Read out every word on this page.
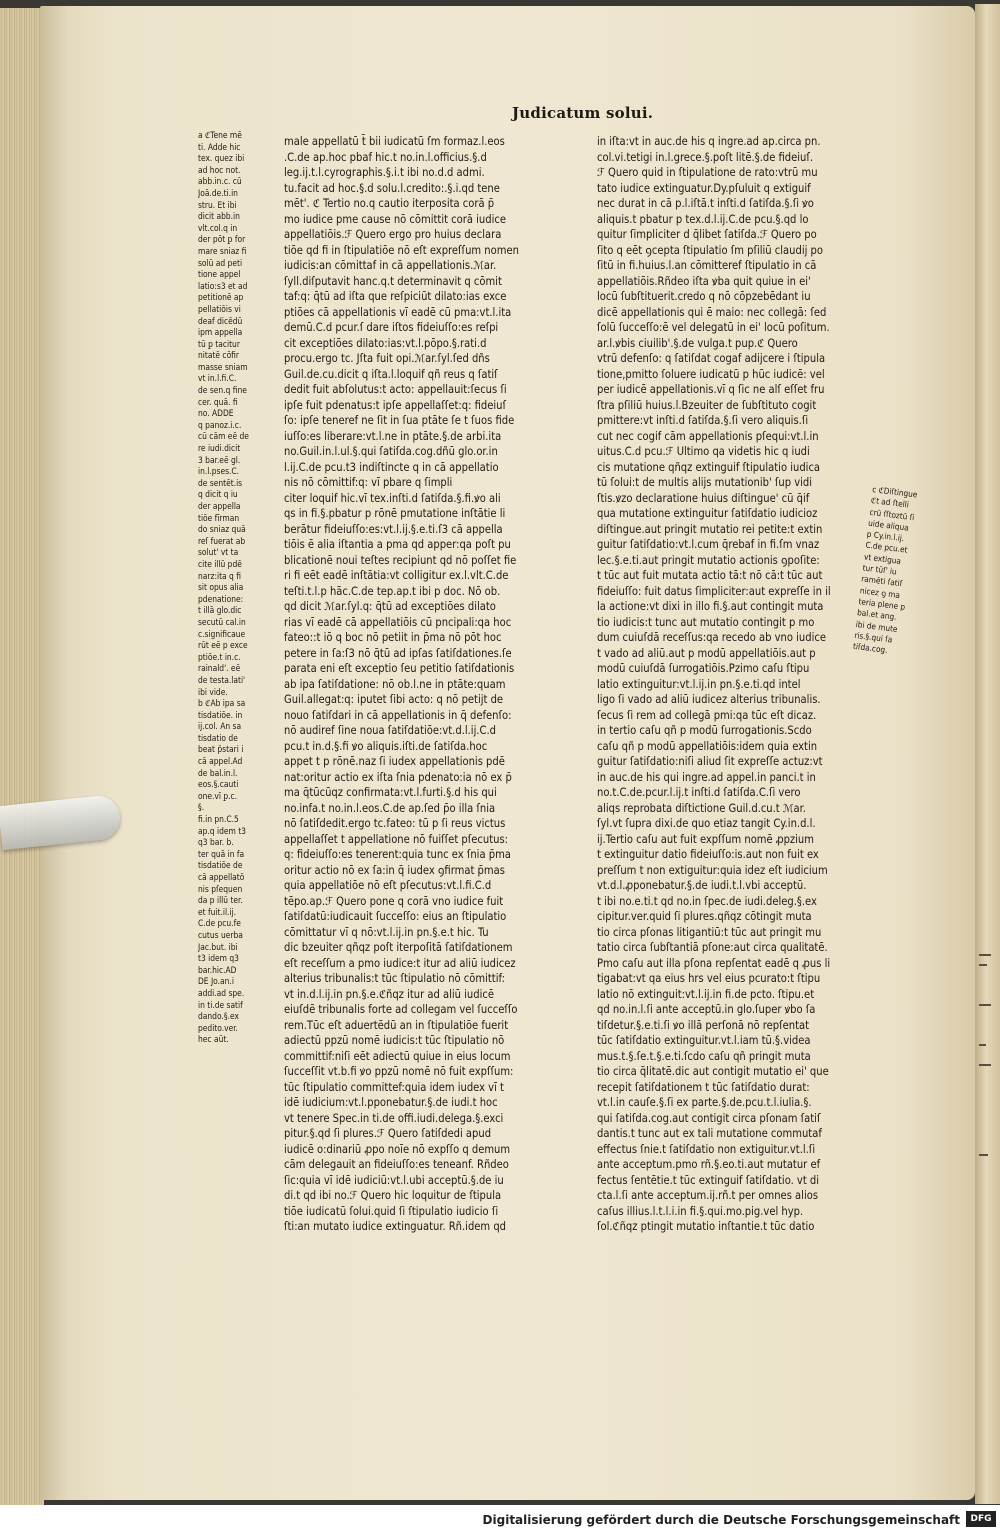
Judicatum solui.
a ℭTene mē
ti. Adde hic
tex. quez ibi
ad hoc not.
abb.in.c. cū
Joā.de.ti.in
stru. Et ibi
dicit abb.in
vlt.col.q in
der pōt ꝑ for
mare sniaz fi
solū ad peti
tione appel
latio:s3 et ad
petitionē ap
pellatiōis vi
deaf dicēdū
ipm appella
tū ꝑ tacitur
nitatē cōfir
masse sniam
vt in.l.fi.C.
de sen.q fine
cer. quā. fi
no. ADDE
q panoz.i.c.
cū cām eē de
re iudi.dicit
3 bar.eē gl.
in.l.pses.C.
de sentēt.is
q dicit q iu
der appella
tiōe fīrman
do sniaz quā
reſ fuerat ab
solut' vt ta
cite illū pdē
narz:ita q fi
sit opus alia
pdenatione:
t illā glo.dic
secutū cal.in
c.significaue
rūt eē p exce
ptiōe.t in.c.
rainald'. eē
de testa.lati'
ibi vide.
b ℭAb ipa sa
tisdatiōe. in
ij.col. An sa
tisdatio de
beat p̄stari i
cā appel.Ad
de bal.in.l.
eos.§.cauti
one.vī ꝑ.c.
§.
fi.in pn.C.5
ap.q idem t3
q3 bar. b.
ter quā in fa
tisdatiōe de
cā appellatō
nis pſequen
da p illū ter.
et fuit.il.ij.
C.de pcu.fe
cutus uerba
Jac.but. ibi
t3 idem q3
bar.hic.AD
DE Jo.an.i
addi.ad spe.
in ti.de satif
dando.§.ex
pedito.ver.
hec aūt.
male appellatū t̄ bii iudicatū ſm formaz.l.eos
.C.de ap.hoc pbaf hic.t no.in.l.officius.§.d
leg.ij.t.l.cyrographis.§.i.t ibi no.d.d admi.
tu.facit ad hoc.§.d solu.l.credito:.§.i.qd tene
mēt'. ℭ Tertio no.q cautio iterposita corā p̄
mo iudice pme cause nō cōmittit corā iudice
appellatiōis.ℱ Quero ergo pro huius declara
tiōe qd fi in ſtipulatiōe nō eſt expreſſum nomen
iudicis:an cōmittaf in cā appellationis.ℳar.
ſyll.diſputavit hanc.q.t determinavit q cōmit
taf:q: q̄tū ad iſta que reſpiciūt dilato:ias exce
ptiōes cā appellationis vī eadē cū pma:vt.l.ita
demū.C.d pcur.ſ dare iſtos fideiuſſo:es reſpi
cit exceptiōes dilato:ias:vt.l.pōpo.§.rati.d
procu.ergo tc. Jſta fuit opi.ℳar.ſyl.ſed dñs
Guil.de.cu.dicit q iſta.l.loquif qñ reus q ſatiſ
dedit fuit abſolutus:t acto: appellauit:ſecus ſi
ipſe fuit pdenatus:t ipſe appellaſſet:q: fideiuſ
ſo: ipſe teneref ne ſit in ſua ptāte ſe t ſuos fide
iuſſo:es liberare:vt.l.ne in ptāte.§.de arbi.ita
no.Guil.in.l.ul.§.qui ſatiſda.cog.dñū glo.or.in
l.ij.C.de pcu.t3 indiſtincte q in cā appellatio
nis nō cōmittif:q: vī pbare q ſimpli
citer loquif hic.vī tex.inſti.d ſatiſda.§.fi.ꝟo ali
qs in fi.§.pbatur p rōnē pmutatione inſtātie li
berātur fideiuſſo:es:vt.l.ij.§.e.ti.ſ3 cā appella
tiōis ē alia iſtantia a pma qd apper:qa poſt pu
blicationē noui teſtes recipiunt qd nō poſſet fie
ri fi eēt eadē inſtātia:vt colligitur ex.l.vlt.C.de
teſti.t.l.p hāc.C.de tep.ap.t ibi p doc. Nō ob.
qd dicit ℳar.ſyl.q: q̄tū ad exceptiōes dilato
rias vī eadē cā appellatiōis cū pncipali:qa hoc
fateo::t iō q boc nō petiit in p̄ma nō pōt hoc
petere in ſa:ſ3 nō q̄tū ad ipſas ſatiſdationes.ſe
parata eni eſt exceptio ſeu petitio ſatiſdationis
ab ipa ſatiſdatione: nō ob.l.ne in ptāte:quam
Guil.allegat:q: iputet ſibi acto: q nō petijt de
nouo ſatiſdari in cā appellationis in q̄ defenſo:
nō audiref ſine noua ſatiſdatiōe:vt.d.l.ij.C.d
pcu.t in.d.§.fi ꝟo aliquis.iſti.de ſatiſda.hoc
appet t p rōnē.naz ſi iudex appellationis pdē
nat:oritur actio ex iſta ſnia pdenato:ia nō ex p̄
ma q̄tūcūqz confirmata:vt.l.furti.§.d his qui
no.infa.t no.in.l.eos.C.de ap.ſed p̄o illa ſnia
nō ſatiſdedit.ergo tc.fateo: tū p ſi reus victus
appellaſſet t appellatione nō fuiſſet pſecutus:
q: fideiuſſo:es tenerent:quia tunc ex ſnia p̄ma
oritur actio nō ex ſa:in q̄ iudex ꝯfirmat p̄mas
quia appellatiōe nō eſt pſecutus:vt.l.fi.C.d
tēpo.ap.ℱ Quero pone q corā vno iudice fuit
ſatiſdatū:iudicauit ſucceſſo: eius an ſtipulatio
cōmittatur vī q nō:vt.l.ij.in pn.§.e.t hic. Tu
dic bzeuiter qñqz poſt iterpoſitā ſatiſdationem
eſt receſſum a pmo iudice:t itur ad aliū iudicez
alterius tribunalis:t tūc ſtipulatio nō cōmittif:
vt in.d.l.ij.in pn.§.e.ℭñqz itur ad aliū iudicē
eiuſdē tribunalis forte ad collegam vel ſucceſſo
rem.Tūc eſt aduertēdū an in ſtipulatiōe fuerit
adiectū ppzū nomē iudicis:t tūc ſtipulatio nō
committif:niſi eēt adiectū quiue in eius locum
ſucceſſit vt.b.fi ꝟo ppzū nomē nō fuit expſſum:
tūc ſtipulatio committef:quia idem iudex vī t
idē iudicium:vt.l.pponebatur.§.de iudi.t hoc
vt tenere Spec.in ti.de offi.iudi.delega.§.exci
pitur.§.qd ſi plures.ℱ Quero ſatiſdedi apud
iudicē o:dinariū ꝓpo noīe nō expſſo q demum
cām delegauit an fideiuſſo:es teneanf. Rñdeo
ſic:quia vī idē iudiciū:vt.l.ubi acceptū.§.de iu
di.t qd ibi no.ℱ Quero hic loquitur de ſtipula
tiōe iudicatū ſolui.quid ſi ſtipulatio iudicio ſi
ſti:an mutato iudice extinguatur. Rñ.idem qd
in iſta:vt in auc.de his q ingre.ad ap.circa pn.
col.vi.tetigi in.l.grece.§.poſt litē.§.de fideiuſ.
ℱ Quero quid in ſtipulatione de rato:vtrū mu
tato iudice extinguatur.Dy.pſuluit q extiguif
nec durat in cā p.l.iſtā.t inſti.d ſatiſda.§.ſi ꝟo
aliquis.t pbatur p tex.d.l.ij.C.de pcu.§.qd lo
quitur ſimpliciter d q̄libet ſatiſda.ℱ Quero po
ſito q eēt ꝯcepta ſtipulatio ſm pſiliū claudij po
ſitū in fi.huius.l.an cōmitteref ſtipulatio in cā
appellatiōis.Rñdeo iſta ꝟba quit quiue in ei'
locū ſubſtituerit.credo q nō cōpzebēdant iu
dicē appellationis qui ē maio: nec collegā: ſed
ſolū ſucceſſo:ē vel delegatū in ei' locū poſitum.
ar.l.ꝟbis ciuilib'.§.de vulga.t pup.ℭ Quero
vtrū defenſo: q ſatiſdat cogaf adijcere i ſtipula
tione,pmitto ſoluere iudicatū p hūc iudicē: vel
per iudicē appellationis.vī q ſic ne alſ eſſet fru
ſtra pſiliū huius.l.Bzeuiter de ſubſtituto cogit
pmittere:vt inſti.d ſatiſda.§.ſi vero aliquis.ſi
cut nec cogif cām appellationis pſequi:vt.l.in
uitus.C.d pcu.ℱ Ultimo qa videtis hic q iudi
cis mutatione qñqz extinguif ſtipulatio iudica
tū ſolui:t de multis alijs mutationib' ſup vidi
ſtis.ꝟzo declaratione huius diſtingue' cū q̄if
qua mutatione extinguitur ſatiſdatio iudicioz
diſtingue.aut pringit mutatio rei petite:t extin
guitur ſatiſdatio:vt.l.cum q̄rebaf in fi.ſm vnaz
lec.§.e.ti.aut pringit mutatio actionis ꝯpoſite:
t tūc aut fuit mutata actio tā:t nō cā:t tūc aut
fideiuſſo: fuit datus ſimpliciter:aut expreſſe in il
la actione:vt dixi in illo fi.§.aut contingit muta
tio iudicis:t tunc aut mutatio contingit p mo
dum cuiuſdā receſſus:qa recedo ab vno iudice
t vado ad aliū.aut p modū appellatiōis.aut p
modū cuiuſdā ſurrogatiōis.Pzimo caſu ſtipu
latio extinguitur:vt.l.ij.in pn.§.e.ti.qd intel
ligo ſi vado ad aliū iudicez alterius tribunalis.
ſecus ſi rem ad collegā pmi:qa tūc eſt dicaz.
in tertio caſu qñ p modū ſurrogationis.Scdo
caſu qñ p modū appellatiōis:idem quia extin
guitur ſatiſdatio:niſi aliud ſit expreſſe actuz:vt
in auc.de his qui ingre.ad appel.in panci.t in
no.t.C.de.pcur.l.ij.t inſti.d ſatiſda.C.ſi vero
aliqs reprobata diſtictione Guil.d.cu.t ℳar.
ſyl.vt ſupra dixi.de quo etiaz tangit Cy.in.d.l.
ij.Tertio caſu aut fuit expſſum nomē ꝓpzium
t extinguitur datio fideiuſſo:is.aut non fuit ex
preſſum t non extiguitur:quia idez eſt iudicium
vt.d.l.ꝓponebatur.§.de iudi.t.l.vbi acceptū.
t ibi no.e.ti.t qd no.in ſpec.de iudi.deleg.§.ex
cipitur.ver.quid ſi plures.qñqz cōtingit muta
tio circa pſonas litigantiū:t tūc aut pringit mu
tatio circa ſubſtantiā pſone:aut circa qualitatē.
Pmo caſu aut illa pſona repſentat eadē q ꝓus li
tigabat:vt qa eius hrs vel eius pcurato:t ſtipu
latio nō extinguit:vt.l.ij.in fi.de pcto. ſtipu.et
qd no.in.l.ſi ante acceptū.in glo.ſuper ꝟbo ſa
tiſdetur.§.e.ti.ſi ꝟo illā perſonā nō repſentat
tūc ſatiſdatio extinguitur.vt.l.iam tū.§.videa
mus.t.§.ſe.t.§.e.ti.ſcdo caſu qñ pringit muta
tio circa q̄litatē.dic aut contigit mutatio ei' que
recepit ſatiſdationem t tūc ſatiſdatio durat:
vt.l.in cauſe.§.ſi ex parte.§.de.pcu.t.l.iulia.§.
qui ſatiſda.cog.aut contigit circa pſonam ſatiſ
dantis.t tunc aut ex tali mutatione commutaf
effectus ſnie.t ſatiſdatio non extiguitur.vt.l.ſi
ante acceptum.pmo rñ.§.eo.ti.aut mutatur ef
fectus ſentētie.t tūc extinguif ſatiſdatio. vt di
cta.l.ſi ante acceptum.ij.rñ.t per omnes alios
caſus illius.l.t.l.i.in fi.§.qui.mo.pig.vel hyp.
ſol.ℭñqz ptingit mutatio inſtantie.t tūc datio
c ℭDiſtingue
ℭt ad ſtelli
crū ſſtoztū ſi
uide aliqua
p Cy.in.l.ij.
C.de pcu.et
vt extigua
tur tūſ' iu
ramēti ſatiſ
nicez ꝯ ma
teria plene p
bal.et ang.
ibi de mute
ris.§.qui ſa
tiſda.cog.
Digitalisierung gefördert durch die Deutsche Forschungsgemeinschaft	DFG
